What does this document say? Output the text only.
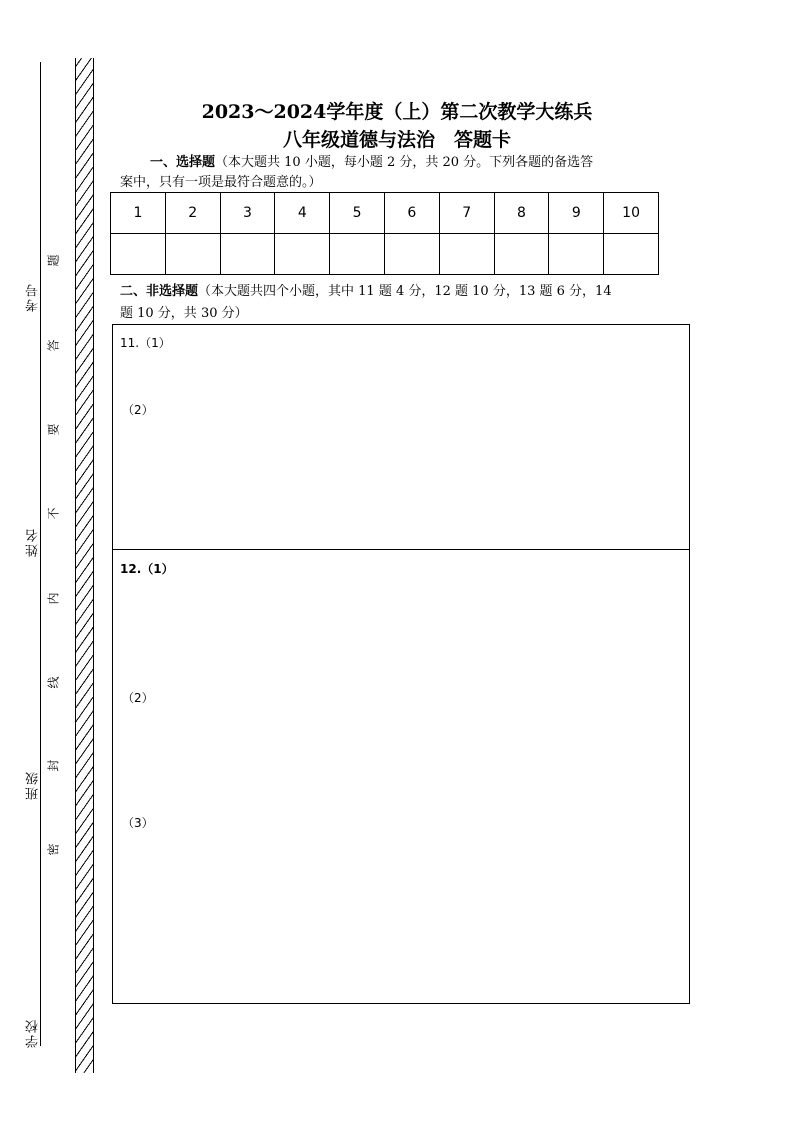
考号
姓名
班级
学校
题
答
要
不
内
线
封
密
2023～2024学年度（上）第二次教学大练兵
八年级道德与法治　答题卡
一、选择题（本大题共 10 小题，每小题 2 分，共 20 分。下列各题的备选答
案中，只有一项是最符合题意的。）
1	2	3	4	5	6	7	8	9	10

二、非选择题（本大题共四个小题，其中 11 题 4 分，12 题 10 分，13 题 6 分，14
题 10 分，共 30 分）
11.（1）
（2）
12.（1）
（2）
（3）
